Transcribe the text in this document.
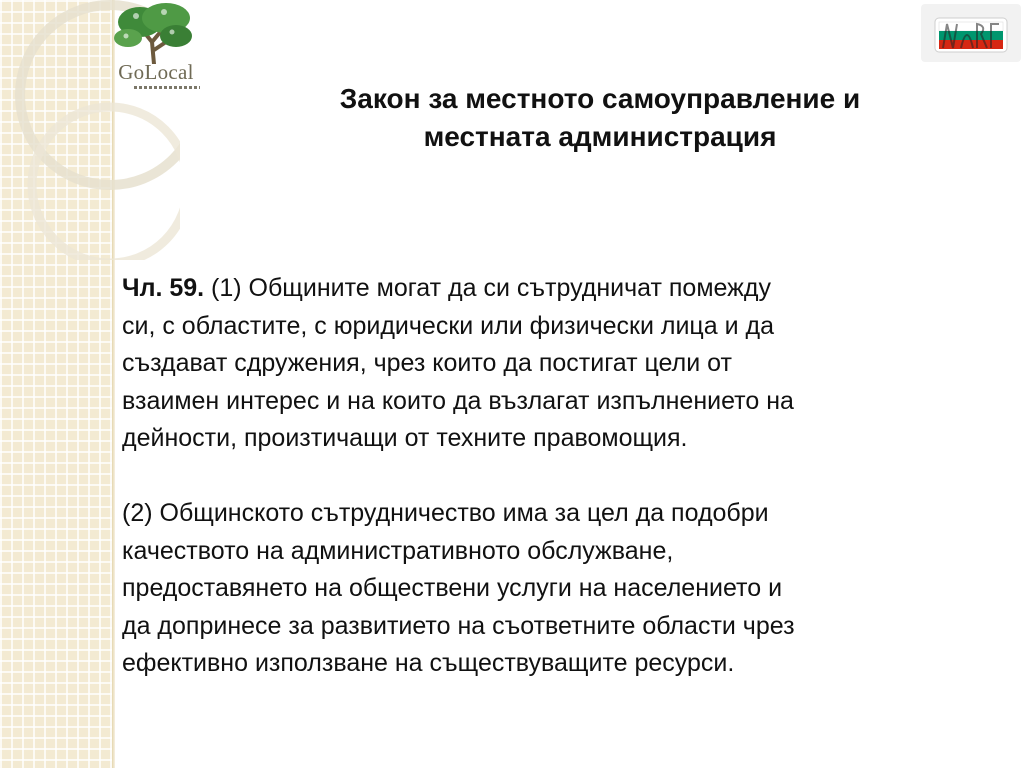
GoLocal
Закон за местното самоуправление и
местната администрация
Чл. 59. (1) Общините могат да си сътрудничат помежду
си, с областите, с юридически или физически лица и да
създават сдружения, чрез които да постигат цели от
взаимен интерес и на които да възлагат изпълнението на
дейности, произтичащи от техните правомощия.
(2) Общинското сътрудничество има за цел да подобри
качеството на административното обслужване,
предоставянето на обществени услуги на населението и
да допринесе за развитието на съответните области чрез
ефективно използване на съществуващите ресурси.
